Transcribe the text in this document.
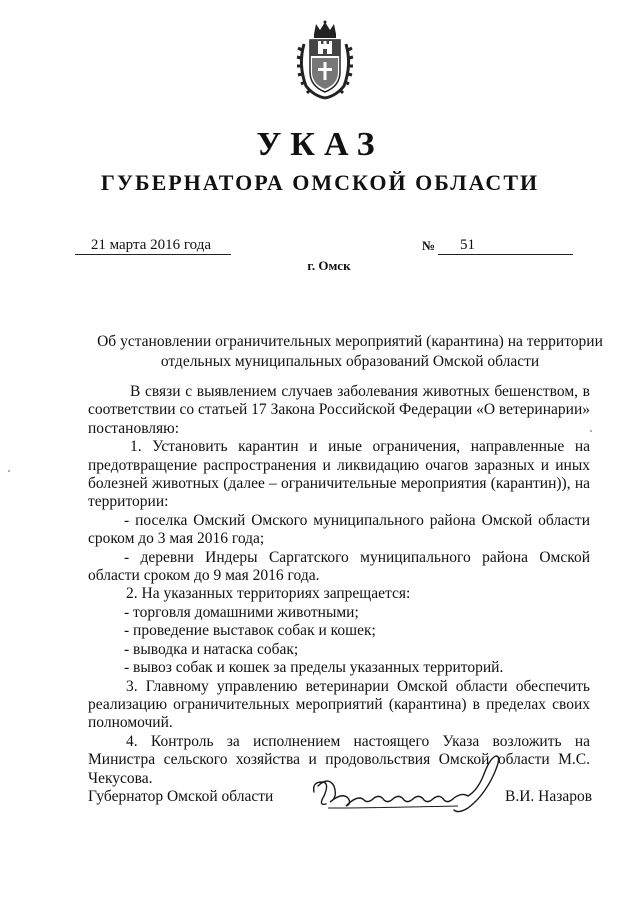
УКАЗ
ГУБЕРНАТОРА ОМСКОЙ ОБЛАСТИ
21 марта 2016 года	№	51
г. Омск
Об установлении ограничительных мероприятий (карантина) на территории
отдельных муниципальных образований Омской области

В связи с выявлением случаев заболевания животных бешенством, в соответствии со статьей 17 Закона Российской Федерации «О ветеринарии» постановляю:

1. Установить карантин и иные ограничения, направленные на предотвращение распространения и ликвидацию очагов заразных и иных болезней животных (далее – ограничительные мероприятия (карантин)), на территории:

- поселка Омский Омского муниципального района Омской области сроком до 3 мая 2016 года;

- деревни Индеры Саргатского муниципального района Омской области сроком до 9 мая 2016 года.

2. На указанных территориях запрещается:

- торговля домашними животными;

- проведение выставок собак и кошек;

- выводка и натаска собак;

- вывоз собак и кошек за пределы указанных территорий.

3. Главному управлению ветеринарии Омской области обеспечить реализацию ограничительных мероприятий (карантина) в пределах своих полномочий.

4. Контроль за исполнением настоящего Указа возложить на Министра сельского хозяйства и продовольствия Омской области М.С. Чекусова.

Губернатор Омской области	В.И. Назаров
